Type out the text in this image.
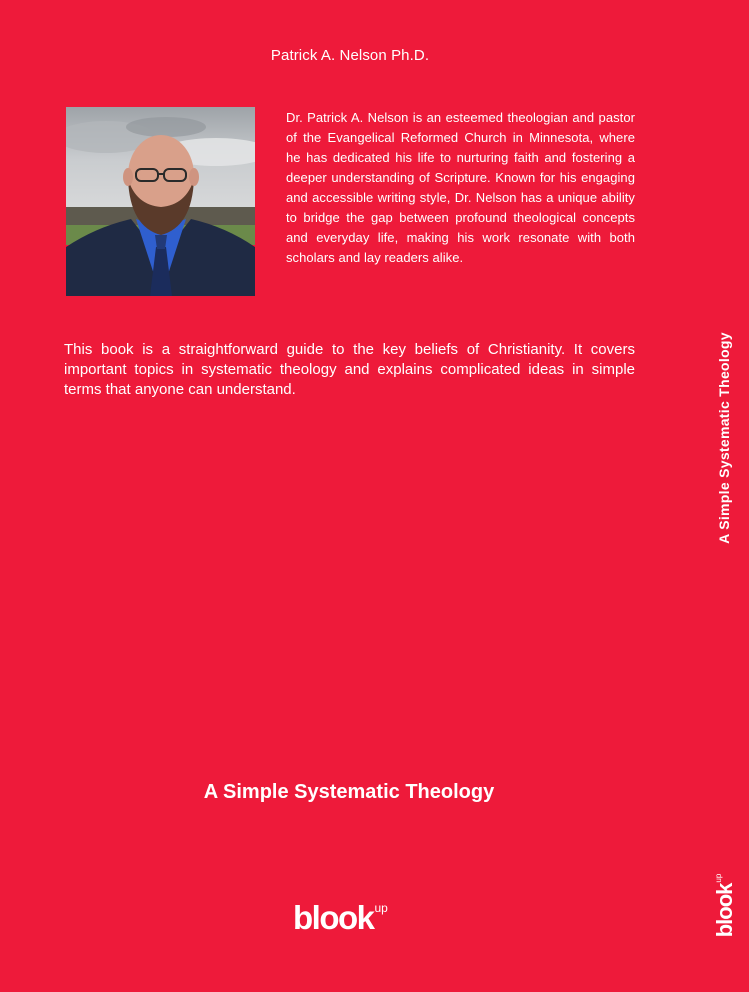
Patrick A. Nelson Ph.D.
Dr. Patrick A. Nelson is an esteemed theologian and pastor of the Evangelical Reformed Church in Minnesota, where he has dedicated his life to nurturing faith and fostering a deeper understanding of Scripture. Known for his engaging and accessible writing style, Dr. Nelson has a unique ability to bridge the gap between profound theological concepts and everyday life, making his work resonate with both scholars and lay readers alike.
This book is a straightforward guide to the key beliefs of Christianity. It covers important topics in systematic theology and explains complicated ideas in simple terms that anyone can understand.
A Simple Systematic Theology
A Simple Systematic Theology
blookup	blookup
